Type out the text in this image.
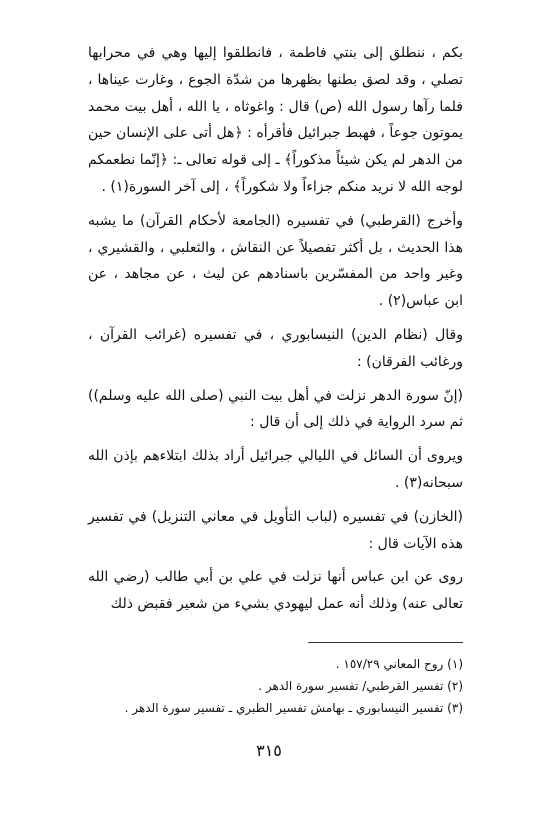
بكم ، ننطلق إلى بنتي فاطمة ، فانطلقوا إليها وهي في محرابها تصلي ، وقد لصق بطنها بظهرها من شدّة الجوع ، وغارت عيناها ، فلما رآها رسول الله (ص) قال : واغوثاه ، يا الله ، أهل بيت محمد يموتون جوعاً ، فهبط جبرائيل فأقرأه : ﴿هل أتى على الإنسان حين من الدهر لم يكن شيئاً مذكوراً﴾ ـ إلى قوله تعالى ـ: ﴿إنّما نطعمكم لوجه الله لا نريد منكم جزاءاً ولا شكوراً﴾ ، إلى آخر السورة(١) .

وأخرج (القرطبي) في تفسيره (الجامعة لأحكام القرآن) ما يشبه هذا الحديث ، بل أكثر تفصيلاً عن النقاش ، والثعلبي ، والقشيري ، وغير واحد من المفسّرين باسنادهم عن ليث ، عن مجاهد ، عن ابن عباس(٢) .

وقال (نظام الدين) النيسابوري ، في تفسيره (غرائب القرآن ، ورغائب الفرقان) :

(إنّ سورة الدهر نزلت في أهل بيت النبي (صلى الله عليه وسلم)) ثم سرد الرواية في ذلك إلى أن قال :

ويروى أن السائل في الليالي جبرائيل أراد بذلك ابتلاءهم بإذن الله سبحانه(٣) .

(الخازن) في تفسيره (لباب التأويل في معاني التنزيل) في تفسير هذه الآيات قال :

روى عن ابن عباس أنها نزلت في علي بن أبي طالب (رضي الله تعالى عنه) وذلك أنه عمل ليهودي بشيء من شعير فقبض ذلك

(١) روح المعاني ١٥٧/٢٩ .
(٢) تفسير القرطبي/ تفسير سورة الدهر .
(٣) تفسير النيسابوري ـ بهامش تفسير الطبري ـ تفسير سورة الدهر .
٣١٥
